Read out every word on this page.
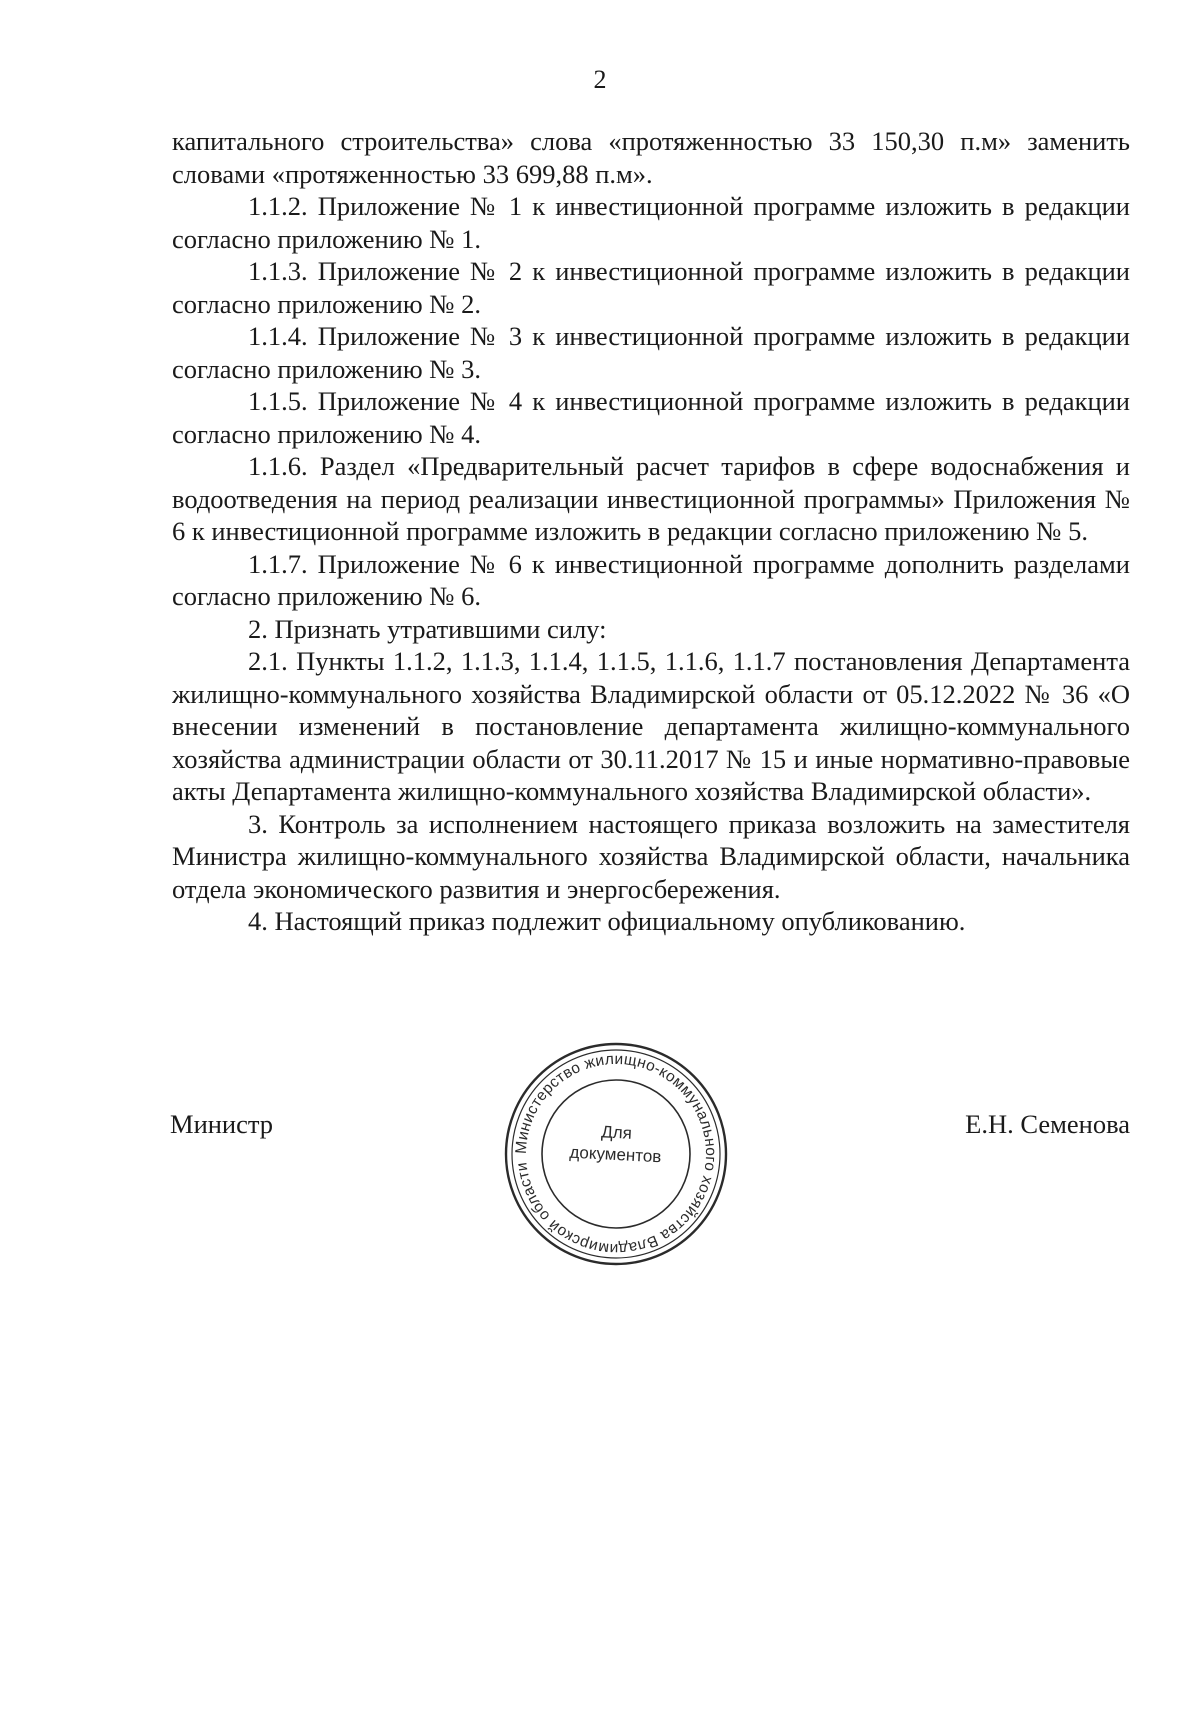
2

капитального строительства» слова «протяженностью 33 150,30 п.м» заменить словами «протяженностью 33 699,88 п.м».

1.1.2. Приложение № 1 к инвестиционной программе изложить в редакции согласно приложению № 1.

1.1.3. Приложение № 2 к инвестиционной программе изложить в редакции согласно приложению № 2.

1.1.4. Приложение № 3 к инвестиционной программе изложить в редакции согласно приложению № 3.

1.1.5. Приложение № 4 к инвестиционной программе изложить в редакции согласно приложению № 4.

1.1.6. Раздел «Предварительный расчет тарифов в сфере водоснабжения и водоотведения на период реализации инвестиционной программы» Приложения № 6 к инвестиционной программе изложить в редакции согласно приложению № 5.

1.1.7. Приложение № 6 к инвестиционной программе дополнить разделами согласно приложению № 6.

2. Признать утратившими силу:

2.1. Пункты 1.1.2, 1.1.3, 1.1.4, 1.1.5, 1.1.6, 1.1.7 постановления Департамента жилищно-коммунального хозяйства Владимирской области от 05.12.2022 № 36 «О внесении изменений в постановление департамента жилищно-коммунального хозяйства администрации области от 30.11.2017 № 15 и иные нормативно-правовые акты Департамента жилищно-коммунального хозяйства Владимирской области».

3. Контроль за исполнением настоящего приказа возложить на заместителя Министра жилищно-коммунального хозяйства Владимирской области, начальника отдела экономического развития и энергосбережения.

4. Настоящий приказ подлежит официальному опубликованию.

Министр	Е.Н. Семенова
Министерство жилищно-коммунального хозяйства Владимирской области
Для
документов
